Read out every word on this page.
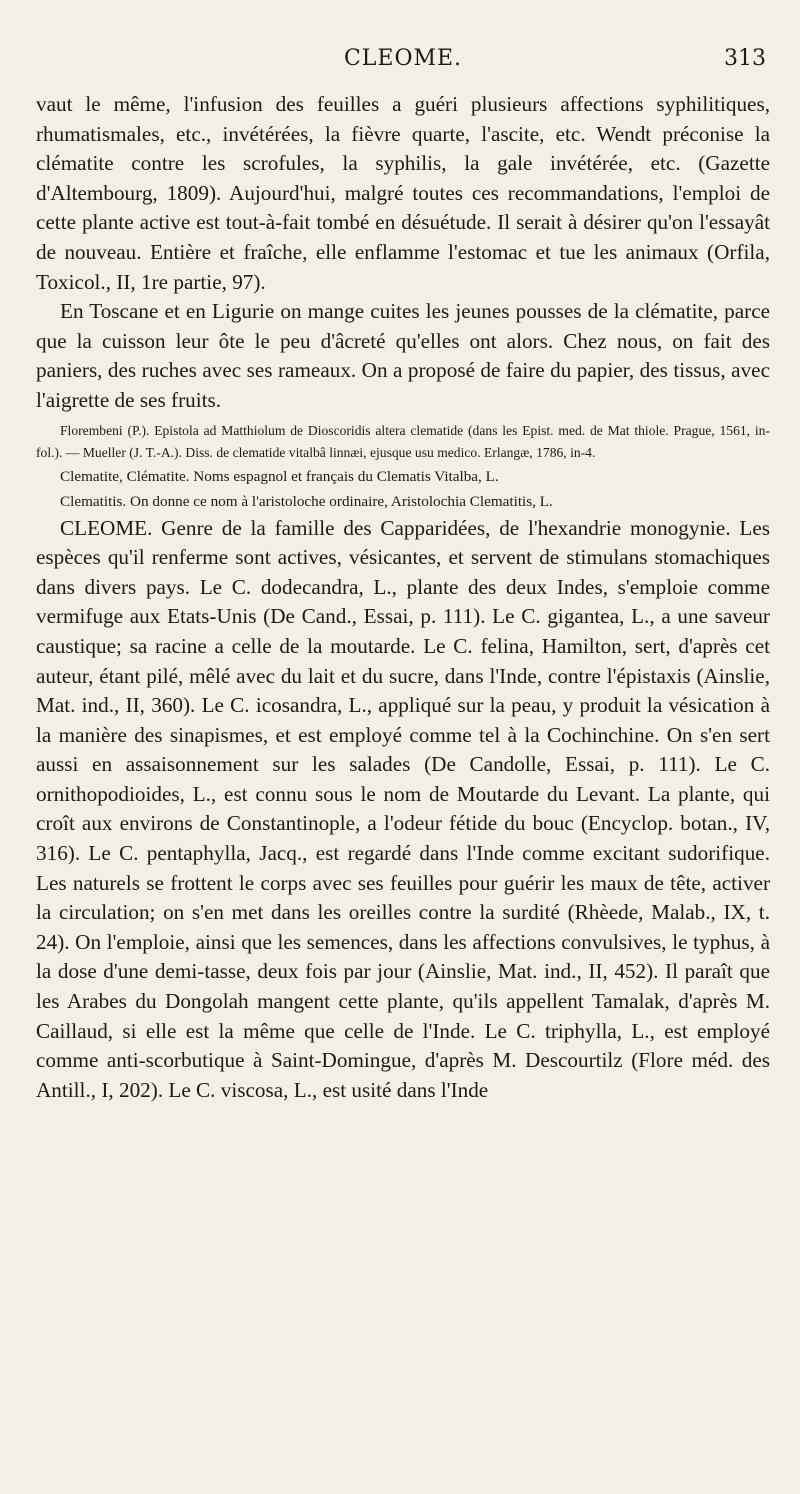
CLEOME.	313

vaut le même, l'infusion des feuilles a guéri plusieurs affections syphilitiques, rhumatismales, etc., invétérées, la fièvre quarte, l'ascite, etc. Wendt préconise la clématite contre les scrofules, la syphilis, la gale invétérée, etc. (Gazette d'Altembourg, 1809). Aujourd'hui, malgré toutes ces recommandations, l'emploi de cette plante active est tout-à-fait tombé en désuétude. Il serait à désirer qu'on l'essayât de nouveau. Entière et fraîche, elle enflamme l'estomac et tue les animaux (Orfila, Toxicol., II, 1re partie, 97).

En Toscane et en Ligurie on mange cuites les jeunes pousses de la clématite, parce que la cuisson leur ôte le peu d'âcreté qu'elles ont alors. Chez nous, on fait des paniers, des ruches avec ses rameaux. On a proposé de faire du papier, des tissus, avec l'aigrette de ses fruits.

Florembeni (P.). Epistola ad Matthiolum de Dioscoridis altera clematide (dans les Epist. med. de Mat thiole. Prague, 1561, in-fol.). — Mueller (J. T.-A.). Diss. de clematide vitalbâ linnæi, ejusque usu medico. Erlangæ, 1786, in-4.

Clematite, Clématite. Noms espagnol et français du Clematis Vitalba, L.

Clematitis. On donne ce nom à l'aristoloche ordinaire, Aristolochia Clematitis, L.

CLEOME. Genre de la famille des Capparidées, de l'hexandrie monogynie. Les espèces qu'il renferme sont actives, vésicantes, et servent de stimulans stomachiques dans divers pays. Le C. dodecandra, L., plante des deux Indes, s'emploie comme vermifuge aux Etats-Unis (De Cand., Essai, p. 111). Le C. gigantea, L., a une saveur caustique; sa racine a celle de la moutarde. Le C. felina, Hamilton, sert, d'après cet auteur, étant pilé, mêlé avec du lait et du sucre, dans l'Inde, contre l'épistaxis (Ainslie, Mat. ind., II, 360). Le C. icosandra, L., appliqué sur la peau, y produit la vésication à la manière des sinapismes, et est employé comme tel à la Cochinchine. On s'en sert aussi en assaisonnement sur les salades (De Candolle, Essai, p. 111). Le C. ornithopodioides, L., est connu sous le nom de Moutarde du Levant. La plante, qui croît aux environs de Constantinople, a l'odeur fétide du bouc (Encyclop. botan., IV, 316). Le C. pentaphylla, Jacq., est regardé dans l'Inde comme excitant sudorifique. Les naturels se frottent le corps avec ses feuilles pour guérir les maux de tête, activer la circulation; on s'en met dans les oreilles contre la surdité (Rhèede, Malab., IX, t. 24). On l'emploie, ainsi que les semences, dans les affections convulsives, le typhus, à la dose d'une demi-tasse, deux fois par jour (Ainslie, Mat. ind., II, 452). Il paraît que les Arabes du Dongolah mangent cette plante, qu'ils appellent Tamalak, d'après M. Caillaud, si elle est la même que celle de l'Inde. Le C. triphylla, L., est employé comme anti-scorbutique à Saint-Domingue, d'après M. Descourtilz (Flore méd. des Antill., I, 202). Le C. viscosa, L., est usité dans l'Inde
